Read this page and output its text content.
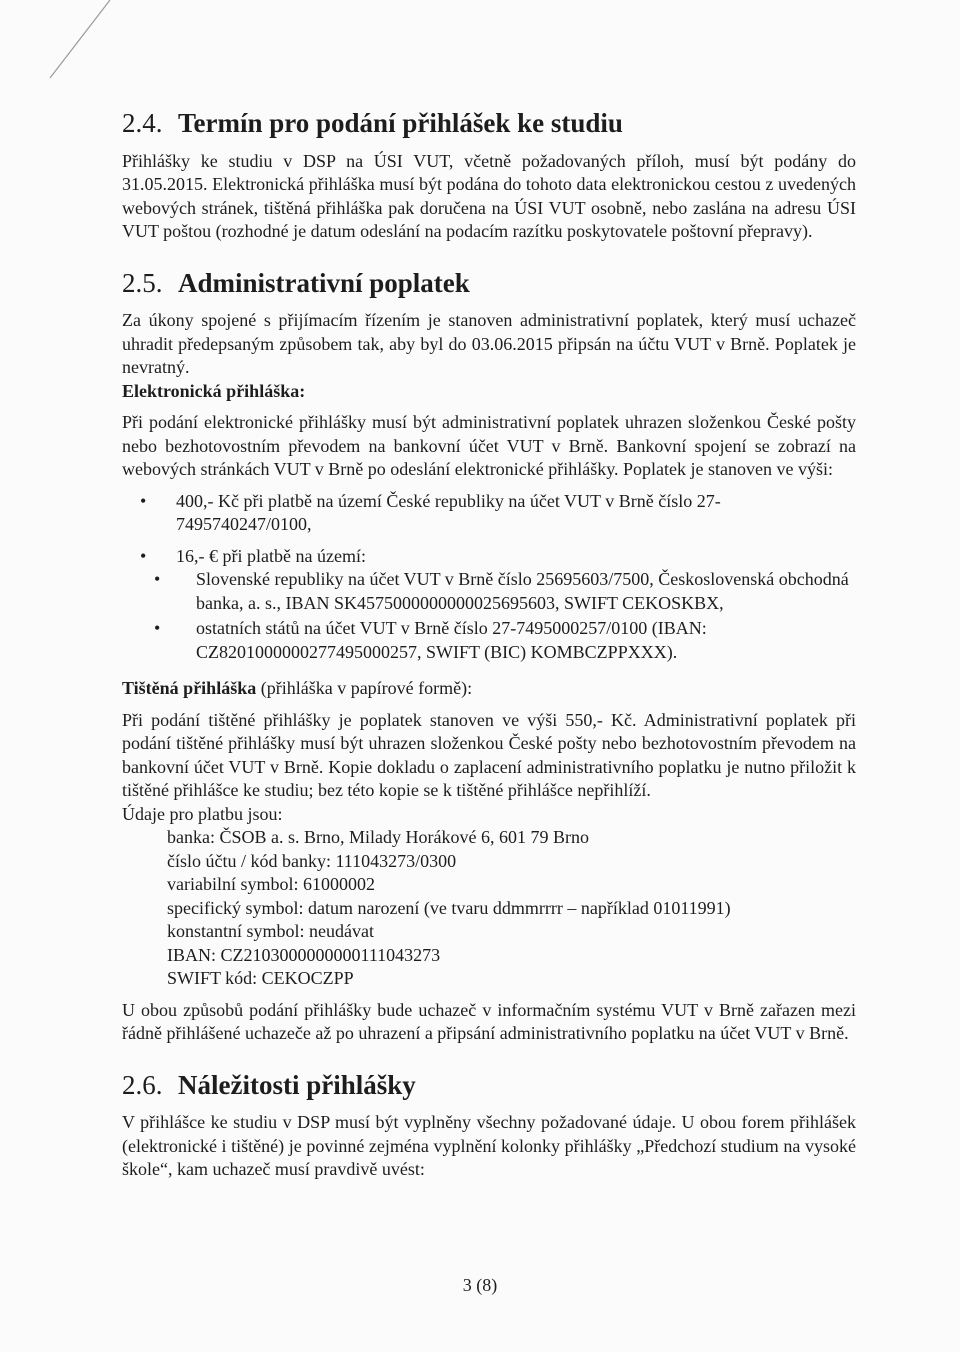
2.4. Termín pro podání přihlášek ke studiu

Přihlášky ke studiu v DSP na ÚSI VUT, včetně požadovaných příloh, musí být podány do 31.05.2015. Elektronická přihláška musí být podána do tohoto data elektronickou cestou z uvedených webových stránek, tištěná přihláška pak doručena na ÚSI VUT osobně, nebo zaslána na adresu ÚSI VUT poštou (rozhodné je datum odeslání na podacím razítku poskytovatele poštovní přepravy).

2.5. Administrativní poplatek

Za úkony spojené s přijímacím řízením je stanoven administrativní poplatek, který musí uchazeč uhradit předepsaným způsobem tak, aby byl do 03.06.2015 připsán na účtu VUT v Brně. Poplatek je nevratný.

Elektronická přihláška:

Při podání elektronické přihlášky musí být administrativní poplatek uhrazen složenkou České pošty nebo bezhotovostním převodem na bankovní účet VUT v Brně. Bankovní spojení se zobrazí na webových stránkách VUT v Brně po odeslání elektronické přihlášky. Poplatek je stanoven ve výši:

• 400,- Kč při platbě na území České republiky na účet VUT v Brně číslo 27-7495740247/0100,
• 16,- € při platbě na území:
• Slovenské republiky na účet VUT v Brně číslo 25695603/7500, Československá obchodná banka, a. s., IBAN SK4575000000000025695603, SWIFT CEKOSKBX,
• ostatních států na účet VUT v Brně číslo 27-7495000257/0100 (IBAN: CZ8201000000277495000257, SWIFT (BIC) KOMBCZPPXXX).

Tištěná přihláška (přihláška v papírové formě):

Při podání tištěné přihlášky je poplatek stanoven ve výši 550,- Kč. Administrativní poplatek při podání tištěné přihlášky musí být uhrazen složenkou České pošty nebo bezhotovostním převodem na bankovní účet VUT v Brně. Kopie dokladu o zaplacení administrativního poplatku je nutno přiložit k tištěné přihlášce ke studiu; bez této kopie se k tištěné přihlášce nepřihlíží.

Údaje pro platbu jsou:

banka: ČSOB a. s. Brno, Milady Horákové 6, 601 79 Brno
číslo účtu / kód banky: 111043273/0300
variabilní symbol: 61000002
specifický symbol: datum narození (ve tvaru ddmmrrrr – například 01011991)
konstantní symbol: neudávat
IBAN: CZ2103000000000111043273
SWIFT kód: CEKOCZPP

U obou způsobů podání přihlášky bude uchazeč v informačním systému VUT v Brně zařazen mezi řádně přihlášené uchazeče až po uhrazení a připsání administrativního poplatku na účet VUT v Brně.

2.6. Náležitosti přihlášky

V přihlášce ke studiu v DSP musí být vyplněny všechny požadované údaje. U obou forem přihlášek (elektronické i tištěné) je povinné zejména vyplnění kolonky přihlášky „Předchozí studium na vysoké škole“, kam uchazeč musí pravdivě uvést:

3 (8)
